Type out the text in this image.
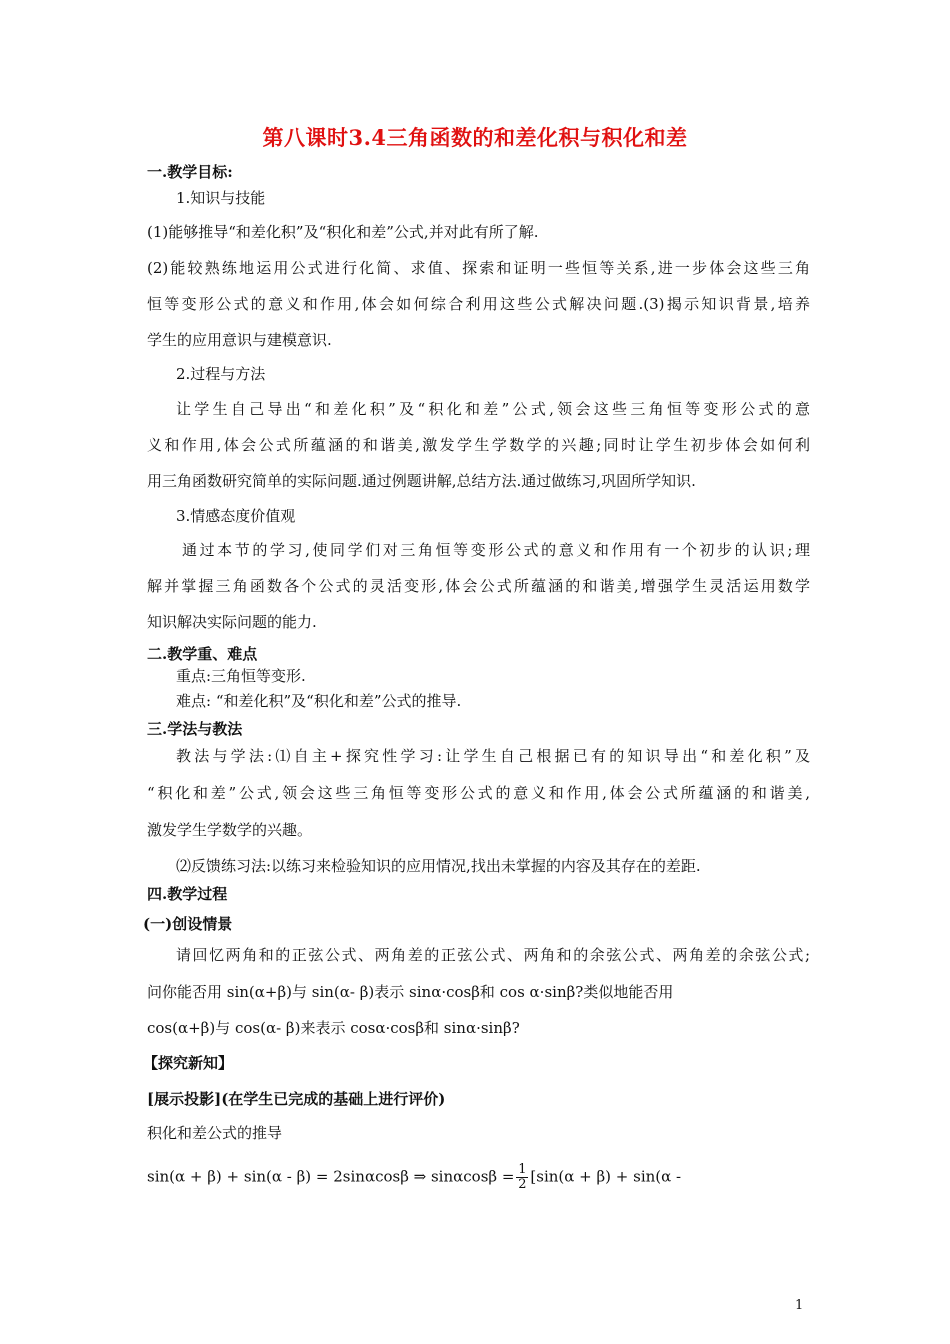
第八课时3.4三角函数的和差化积与积化和差
一.教学目标:
1.知识与技能
(1)能够推导“和差化积”及“积化和差”公式,并对此有所了解.
(2)能较熟练地运用公式进行化简、求值、探索和证明一些恒等关系,进一步体会这些三角
恒等变形公式的意义和作用,体会如何综合利用这些公式解决问题.(3)揭示知识背景,培养
学生的应用意识与建模意识.
2.过程与方法
让学生自己导出“和差化积”及“积化和差”公式,领会这些三角恒等变形公式的意
义和作用,体会公式所蕴涵的和谐美,激发学生学数学的兴趣;同时让学生初步体会如何利
用三角函数研究简单的实际问题.通过例题讲解,总结方法.通过做练习,巩固所学知识.
3.情感态度价值观
通过本节的学习,使同学们对三角恒等变形公式的意义和作用有一个初步的认识;理
解并掌握三角函数各个公式的灵活变形,体会公式所蕴涵的和谐美,增强学生灵活运用数学
知识解决实际问题的能力.
二.教学重、难点
重点:三角恒等变形.
难点: “和差化积”及“积化和差”公式的推导.
三.学法与教法
教法与学法:⑴自主+探究性学习:让学生自己根据已有的知识导出“和差化积”及
“积化和差”公式,领会这些三角恒等变形公式的意义和作用,体会公式所蕴涵的和谐美,
激发学生学数学的兴趣。
⑵反馈练习法:以练习来检验知识的应用情况,找出未掌握的内容及其存在的差距.
四.教学过程
(一)创设情景
请回忆两角和的正弦公式、两角差的正弦公式、两角和的余弦公式、两角差的余弦公式;
问你能否用 sin(α+β)与 sin(α- β)表示 sinα·cosβ和 cos α·sinβ?类似地能否用
cos(α+β)与 cos(α- β)来表示 cosα·cosβ和 sinα·sinβ?
【探究新知】
[展示投影](在学生已完成的基础上进行评价)
积化和差公式的推导
sin(α + β) + sin(α - β) = 2sinαcosβ ⇒ $\sin\alpha\cos\beta = \frac{1}{2} [\sin(\alpha + \beta) + \sin(\alpha$ -
1
